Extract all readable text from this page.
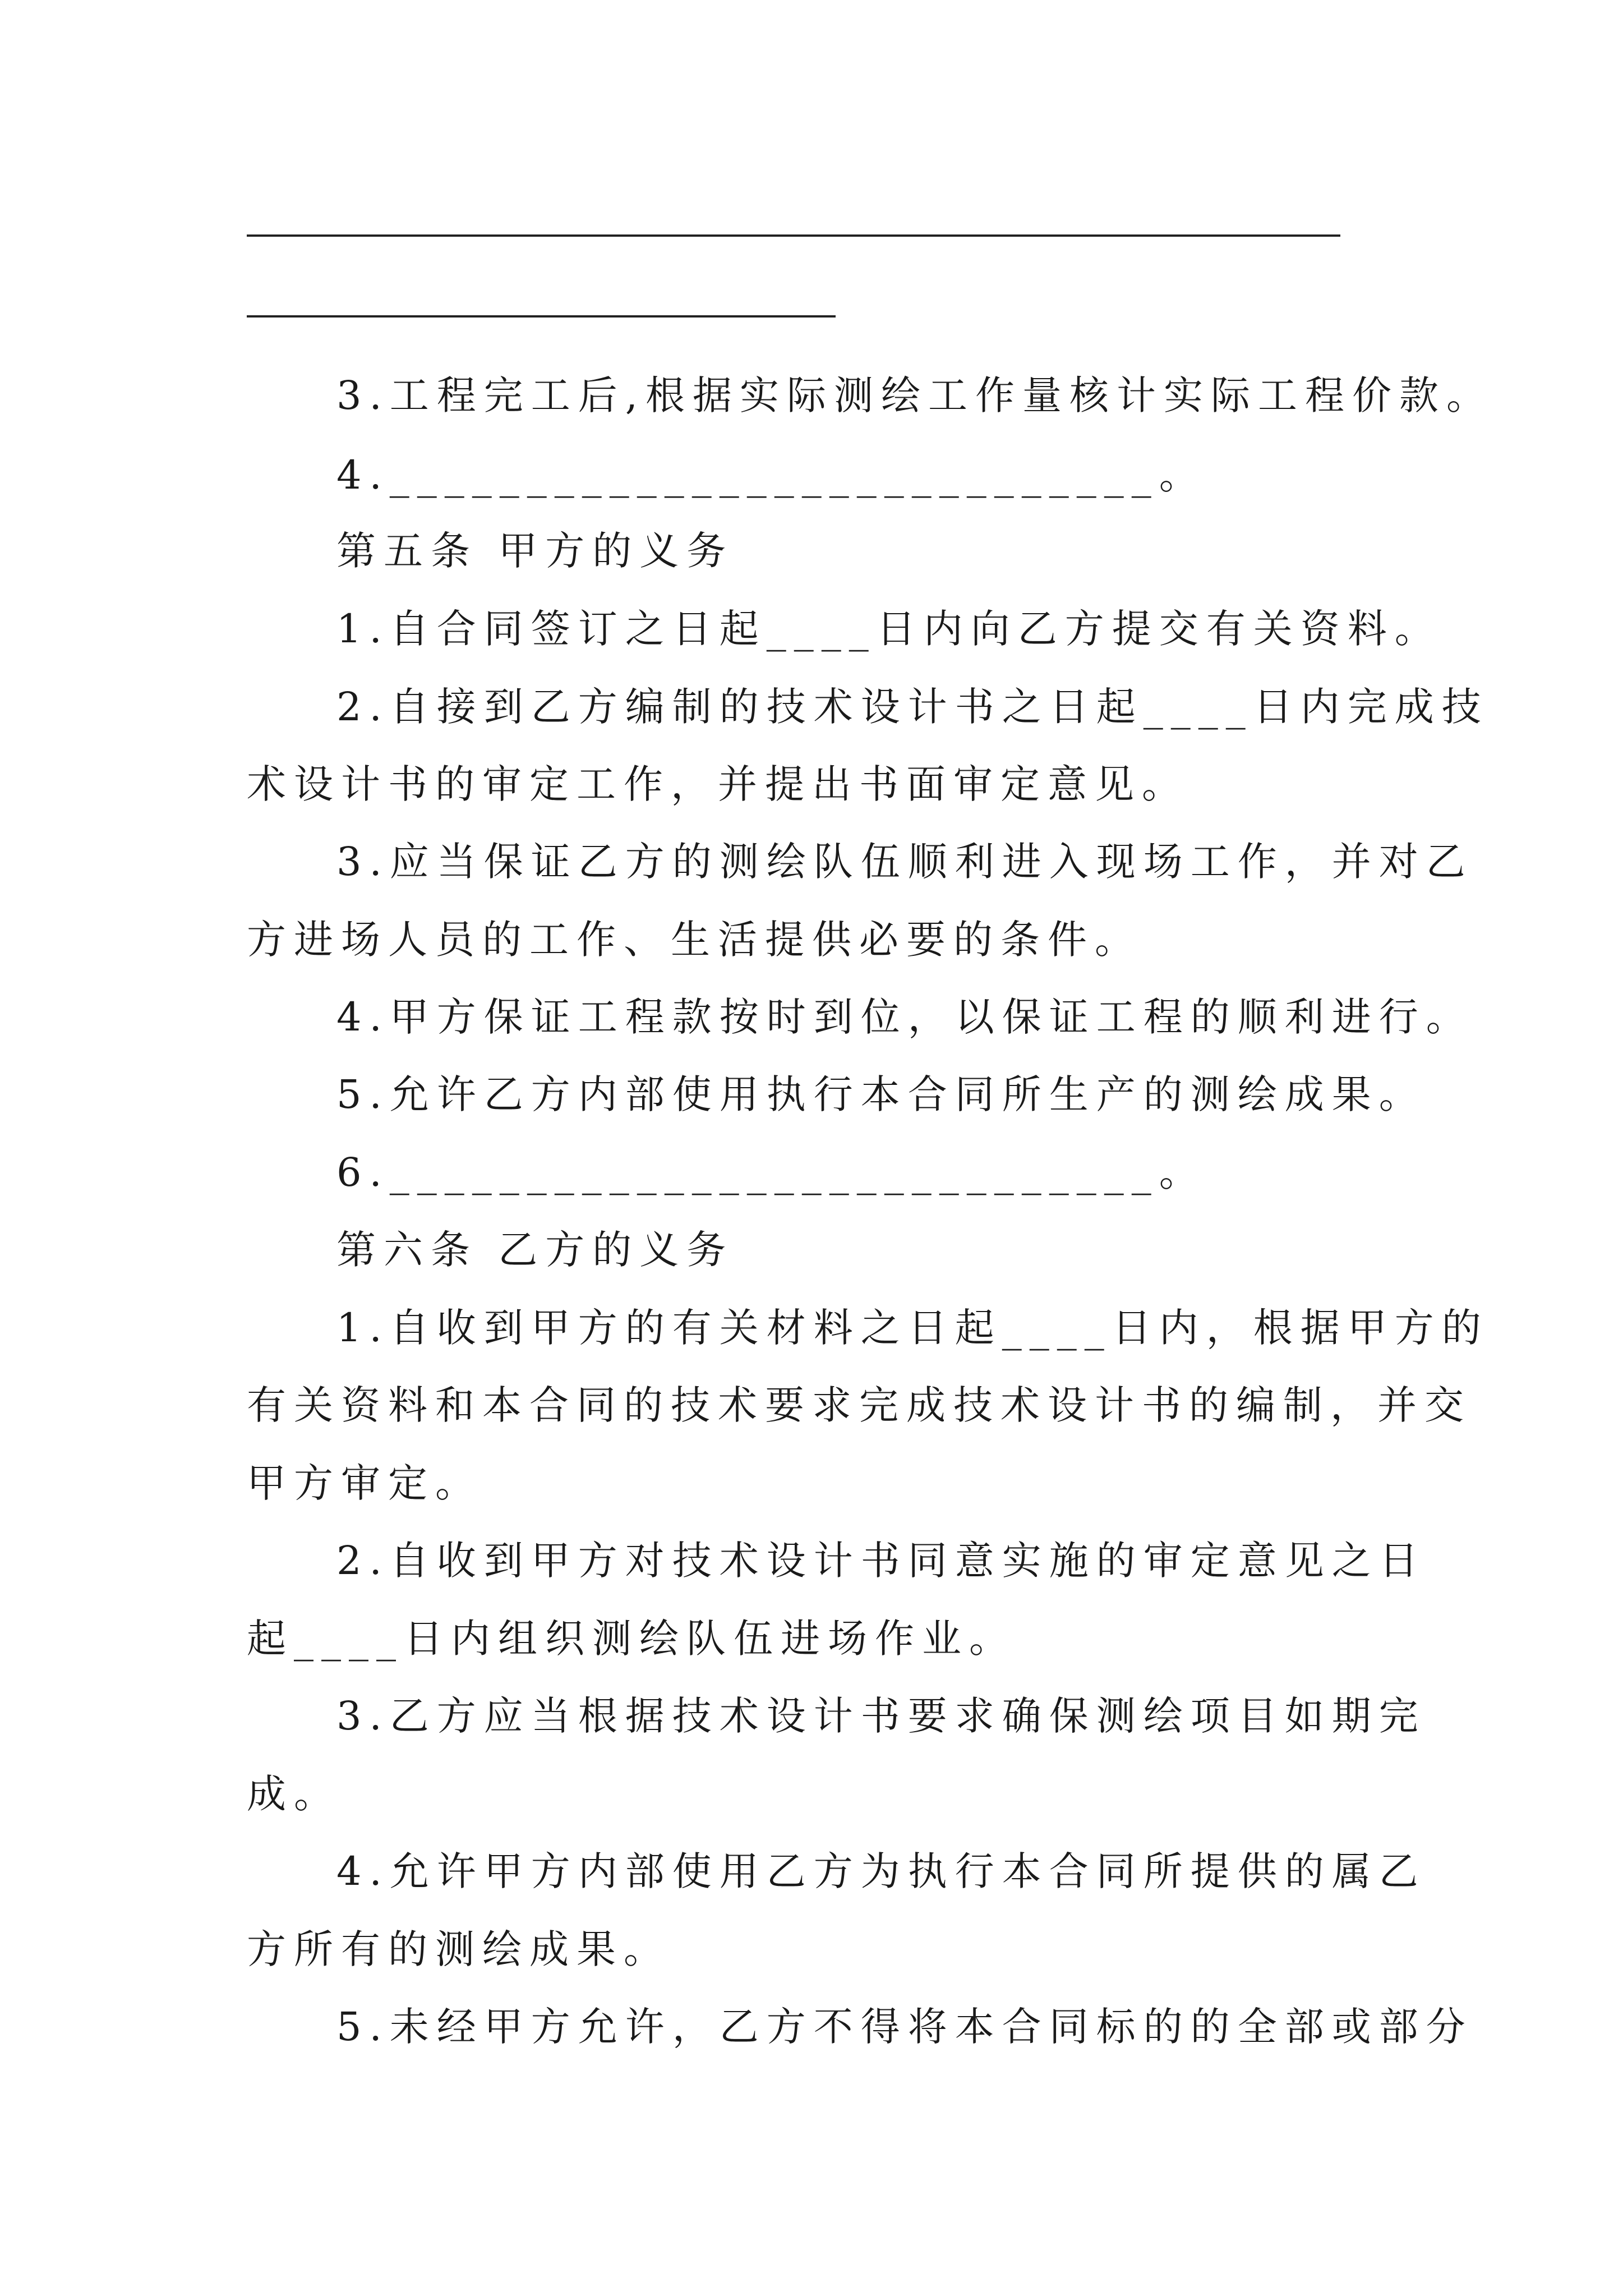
3.工程完工后,根据实际测绘工作量核计实际工程价款。
4.____________________________。
第五条 甲方的义务
1.自合同签订之日起____日内向乙方提交有关资料。
2.自接到乙方编制的技术设计书之日起____日内完成技
术设计书的审定工作，并提出书面审定意见。
3.应当保证乙方的测绘队伍顺利进入现场工作，并对乙
方进场人员的工作、生活提供必要的条件。
4.甲方保证工程款按时到位，以保证工程的顺利进行。
5.允许乙方内部使用执行本合同所生产的测绘成果。
6.____________________________。
第六条 乙方的义务
1.自收到甲方的有关材料之日起____日内，根据甲方的
有关资料和本合同的技术要求完成技术设计书的编制，并交
甲方审定。
2.自收到甲方对技术设计书同意实施的审定意见之日
起____日内组织测绘队伍进场作业。
3.乙方应当根据技术设计书要求确保测绘项目如期完
成。
4.允许甲方内部使用乙方为执行本合同所提供的属乙
方所有的测绘成果。
5.未经甲方允许，乙方不得将本合同标的的全部或部分
